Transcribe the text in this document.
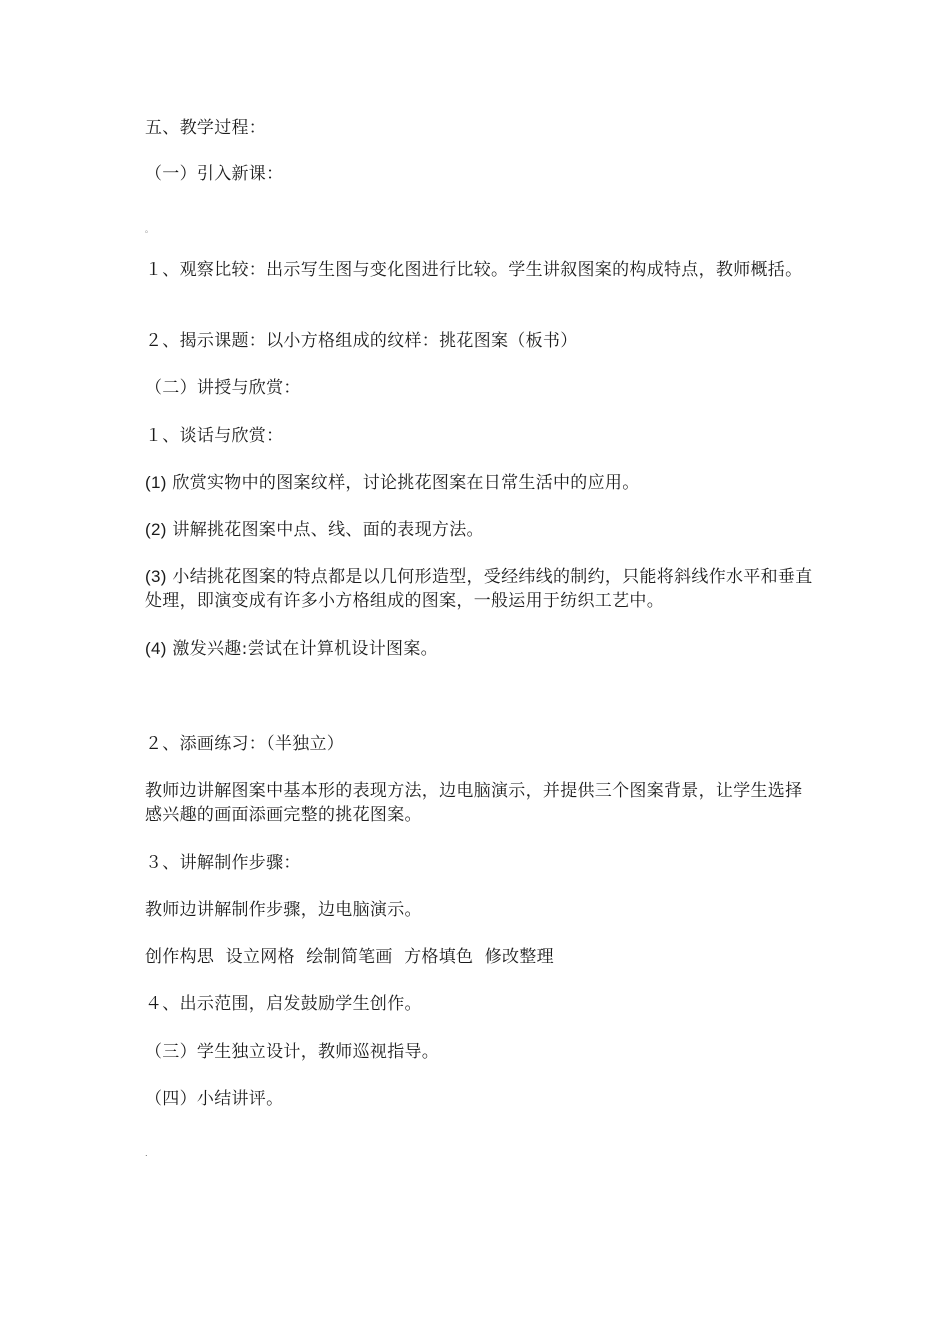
五、教学过程：
（一）引入新课：
。
１、观察比较：出示写生图与变化图进行比较。学生讲叙图案的构成特点，教师概括。
２、揭示课题：以小方格组成的纹样：挑花图案（板书）
（二）讲授与欣赏：
１、谈话与欣赏：
(1) 欣赏实物中的图案纹样，讨论挑花图案在日常生活中的应用。
(2) 讲解挑花图案中点、线、面的表现方法。
(3) 小结挑花图案的特点都是以几何形造型，受经纬线的制约，只能将斜线作水平和垂直处理，即演变成有许多小方格组成的图案，一般运用于纺织工艺中。
(4) 激发兴趣:尝试在计算机设计图案。
２、添画练习：（半独立）
教师边讲解图案中基本形的表现方法，边电脑演示，并提供三个图案背景，让学生选择感兴趣的画面添画完整的挑花图案。
３、讲解制作步骤：
教师边讲解制作步骤，边电脑演示。
创作构思  设立网格  绘制简笔画  方格填色  修改整理
４、出示范围，启发鼓励学生创作。
（三）学生独立设计，教师巡视指导。
（四）小结讲评。
.
